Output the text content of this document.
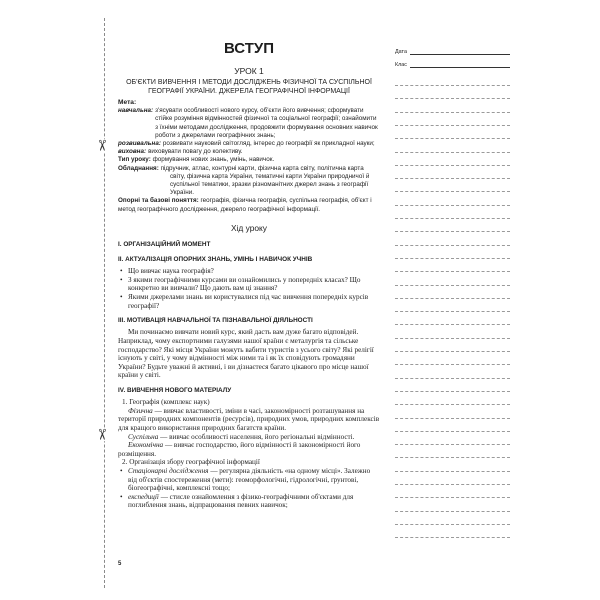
✂
✂
ВСТУП
УРОК 1
ОБ'ЄКТИ ВИВЧЕННЯ І МЕТОДИ ДОСЛІДЖЕНЬ ФІЗИЧНОЇ ТА СУСПІЛЬНОЇ ГЕОГРАФІЇ УКРАЇНИ. ДЖЕРЕЛА ГЕОГРАФІЧНОЇ ІНФОРМАЦІЇ
Мета:
навчальна: з'ясувати особливості нового курсу, об'єкти його вивчення; сформувати стійке розуміння відмінностей фізичної та соціальної географії; ознайомити з їхніми методами дослідження, продовжити формування основних навичок роботи з джерелами географічних знань;
розвивальна: розвивати науковий світогляд, інтерес до географії як прикладної науки;
виховна: виховувати повагу до колективу.
Тип уроку: формування нових знань, умінь, навичок.
Обладнання: підручник, атлас, контурні карти, фізична карта світу, політична карта світу, фізична карта України, тематичні карти України природничої й суспільної тематики, зразки різноманітних джерел знань з географії України.
Опорні та базові поняття: географія, фізична географія, суспільна географія, об'єкт і метод географічного дослідження, джерело географічної інформації.
Хід уроку
I. ОРГАНІЗАЦІЙНИЙ МОМЕНТ
II. АКТУАЛІЗАЦІЯ ОПОРНИХ ЗНАНЬ, УМІНЬ І НАВИЧОК УЧНІВ
• Що вивчає наука географія?
• З якими географічними курсами ви ознайомились у попередніх класах? Що конкретно ви вивчали? Що дають вам ці знання?
• Якими джерелами знань ви користувалися під час вивчення попередніх курсів географії?
III. МОТИВАЦІЯ НАВЧАЛЬНОЇ ТА ПІЗНАВАЛЬНОЇ ДІЯЛЬНОСТІ
Ми починаємо вивчати новий курс, який дасть вам дуже багато відповідей. Наприклад, чому експортними галузями нашої країни є металургія та сільське господарство? Які місця України можуть вабити туристів з усього світу? Які релігії існують у світі, у чому відмінності між ними та і як їх сповідують громадяни України? Будьте уважні й активні, і ви дізнаєтеся багато цікавого про місце нашої країни у світі.
IV. ВИВЧЕННЯ НОВОГО МАТЕРІАЛУ
1. Географія (комплекс наук)
Фізична — вивчає властивості, зміни в часі, закономірності розташування на території природних компонентів (ресурсів), природних умов, природних комплексів для кращого використання природних багатств країни.
Суспільна — вивчає особливості населення, його регіональні відмінності.
Економічна — вивчає господарство, його відмінності й закономірності його розміщення.
2. Організація збору географічної інформації
• Стаціонарні дослідження — регулярна діяльність «на одному місці». Залежно від об'єктів спостереження (мети): геоморфологічні, гідрологічні, ґрунтові, біогеографічні, комплексні тощо;
• експедиції — стисле ознайомлення з фізико-географічними об'єктами для поглиблення знань, відпрацювання певних навичок;
5
Дата
Клас
